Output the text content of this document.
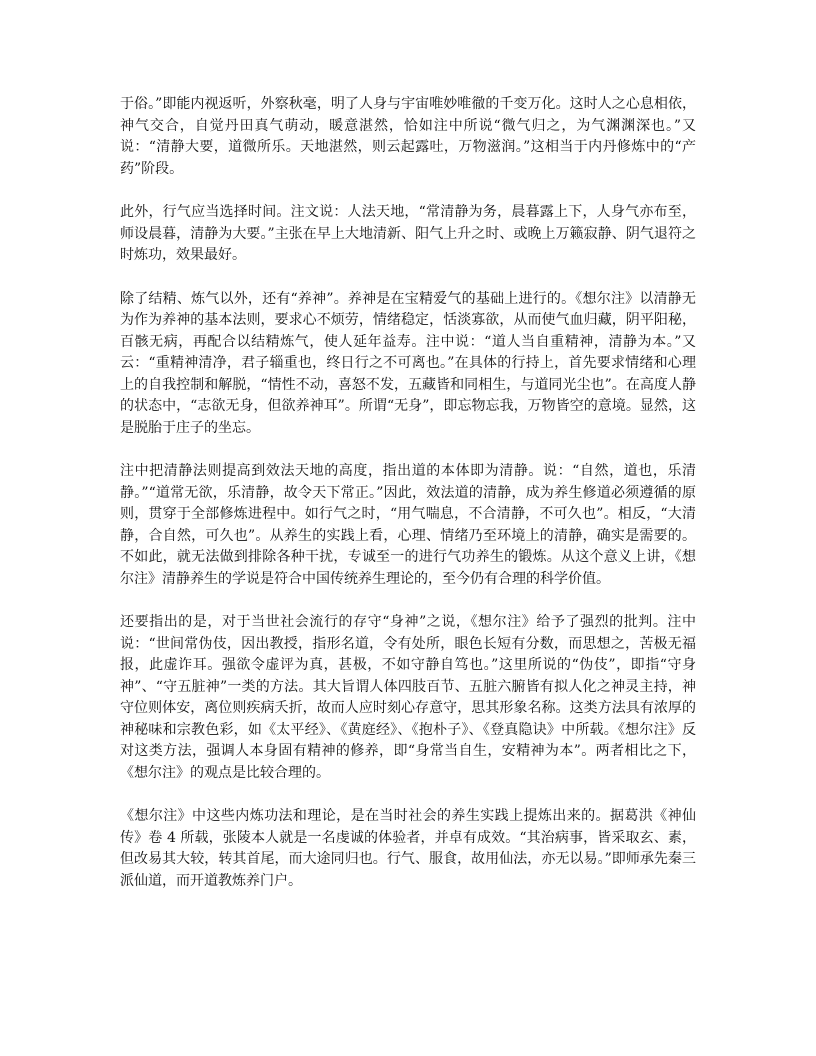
于俗。”即能内视返听，外察秋毫，明了人身与宇宙唯妙唯徹的千变万化。这时人之心息相依，神气交合，自觉丹田真气萌动，暖意湛然，恰如注中所说“微气归之，为气渊渊深也。”又说：“清静大要，道微所乐。天地湛然，则云起露吐，万物滋润。”这相当于内丹修炼中的“产药”阶段。

此外，行气应当选择时间。注文说：人法天地，“常清静为务，晨暮露上下，人身气亦布至，师设晨暮，清静为大要。”主张在早上大地清新、阳气上升之时、或晚上万籁寂静、阴气退符之时炼功，效果最好。

除了结精、炼气以外，还有“养神”。养神是在宝精爱气的基础上进行的。《想尔注》以清静无为作为养神的基本法则，要求心不烦劳，情绪稳定，恬淡寡欲，从而使气血归藏，阴平阳秘，百骸无病，再配合以结精炼气，使人延年益寿。注中说：“道人当自重精神，清静为本。”又云：“重精神清净，君子辎重也，终日行之不可离也。”在具体的行持上，首先要求情绪和心理上的自我控制和解脱，“情性不动，喜怒不发，五藏皆和同相生，与道同光尘也”。在高度人静的状态中，“志欲无身，但欲养神耳”。所谓“无身”，即忘物忘我，万物皆空的意境。显然，这是脱胎于庄子的坐忘。

注中把清静法则提高到效法天地的高度，指出道的本体即为清静。说：“自然，道也，乐清静。”“道常无欲，乐清静，故令天下常正。”因此，效法道的清静，成为养生修道必须遵循的原则，贯穿于全部修炼进程中。如行气之时，“用气喘息，不合清静，不可久也”。相反，“大清静，合自然，可久也”。从养生的实践上看，心理、情绪乃至环境上的清静，确实是需要的。不如此，就无法做到排除各种干扰，专诚至一的进行气功养生的锻炼。从这个意义上讲，《想尔注》清静养生的学说是符合中国传统养生理论的，至今仍有合理的科学价值。

还要指出的是，对于当世社会流行的存守“身神”之说，《想尔注》给予了强烈的批判。注中说：“世间常伪伎，因出教授，指形名道，令有处所，眼色长短有分数，而思想之，苦极无福报，此虚诈耳。强欲令虚评为真，甚极，不如守静自笃也。”这里所说的“伪伎”，即指“守身神”、“守五脏神”一类的方法。其大旨谓人体四肢百节、五脏六腑皆有拟人化之神灵主持，神守位则体安，离位则疾病夭折，故而人应时刻心存意守，思其形象名称。这类方法具有浓厚的神秘味和宗教色彩，如《太平经》、《黄庭经》、《抱朴子》、《登真隐诀》中所载。《想尔注》反对这类方法，强调人本身固有精神的修养，即“身常当自生，安精神为本”。两者相比之下，《想尔注》的观点是比较合理的。

《想尔注》中这些内炼功法和理论，是在当时社会的养生实践上提炼出来的。据葛洪《神仙传》卷 4 所载，张陵本人就是一名虔诚的体验者，并卓有成效。“其治病事，皆采取玄、素，但改易其大较，转其首尾，而大途同归也。行气、服食，故用仙法，亦无以易。”即师承先秦三派仙道，而开道教炼养门户。
